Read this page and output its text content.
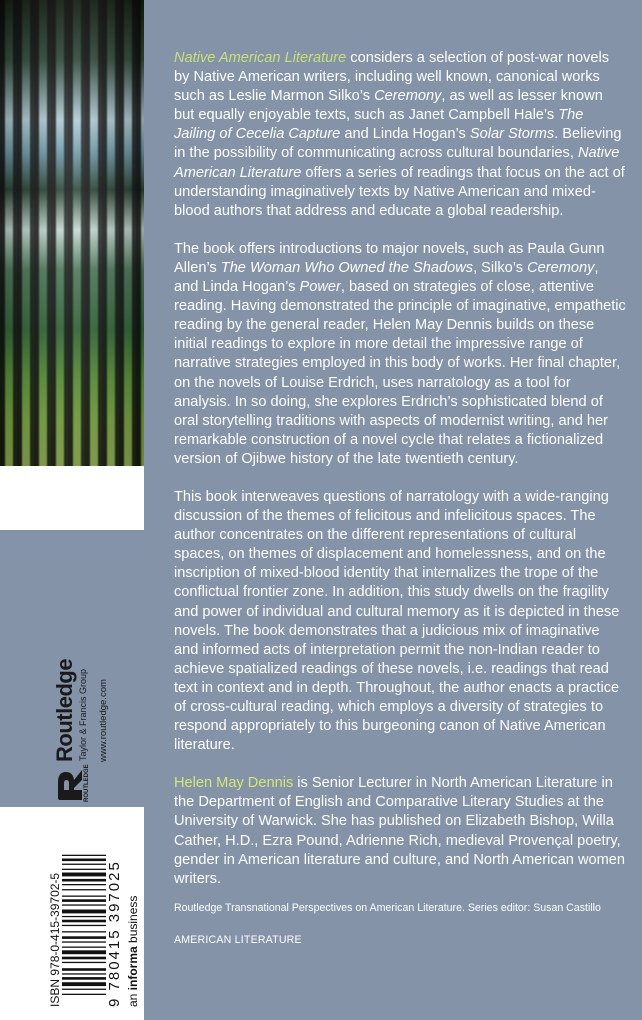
Routledge Taylor & Francis Group
ROUTLEDGE
www.routledge.com
ISBN 978-0-415-39702-5	9 780415 397025 an informa business

Native American Literature considers a selection of post-war novels by Native American writers, including well known, canonical works such as Leslie Marmon Silko’s Ceremony, as well as lesser known but equally enjoyable texts, such as Janet Campbell Hale’s The Jailing of Cecelia Capture and Linda Hogan’s Solar Storms. Believing in the possibility of communicating across cultural boundaries, Native American Literature offers a series of readings that focus on the act of understanding imaginatively texts by Native American and mixed-blood authors that address and educate a global readership.

The book offers introductions to major novels, such as Paula Gunn Allen’s The Woman Who Owned the Shadows, Silko’s Ceremony, and Linda Hogan’s Power, based on strategies of close, attentive reading. Having demonstrated the principle of imaginative, empathetic reading by the general reader, Helen May Dennis builds on these initial readings to explore in more detail the impressive range of narrative strategies employed in this body of works. Her final chapter, on the novels of Louise Erdrich, uses narratology as a tool for analysis. In so doing, she explores Erdrich’s sophisticated blend of oral storytelling traditions with aspects of modernist writing, and her remarkable construction of a novel cycle that relates a fictionalized version of Ojibwe history of the late twentieth century.

This book interweaves questions of narratology with a wide-ranging discussion of the themes of felicitous and infelicitous spaces. The author concentrates on the different representations of cultural spaces, on themes of displacement and homelessness, and on the inscription of mixed-blood identity that internalizes the trope of the conflictual frontier zone. In addition, this study dwells on the fragility and power of individual and cultural memory as it is depicted in these novels. The book demonstrates that a judicious mix of imaginative and informed acts of interpretation permit the non-Indian reader to achieve spatialized readings of these novels, i.e. readings that read text in context and in depth. Throughout, the author enacts a practice of cross-cultural reading, which employs a diversity of strategies to respond appropriately to this burgeoning canon of Native American literature.

Helen May Dennis is Senior Lecturer in North American Literature in the Department of English and Comparative Literary Studies at the University of Warwick. She has published on Elizabeth Bishop, Willa Cather, H.D., Ezra Pound, Adrienne Rich, medieval Provençal poetry, gender in American literature and culture, and North American women writers.

Routledge Transnational Perspectives on American Literature. Series editor: Susan Castillo
AMERICAN LITERATURE
